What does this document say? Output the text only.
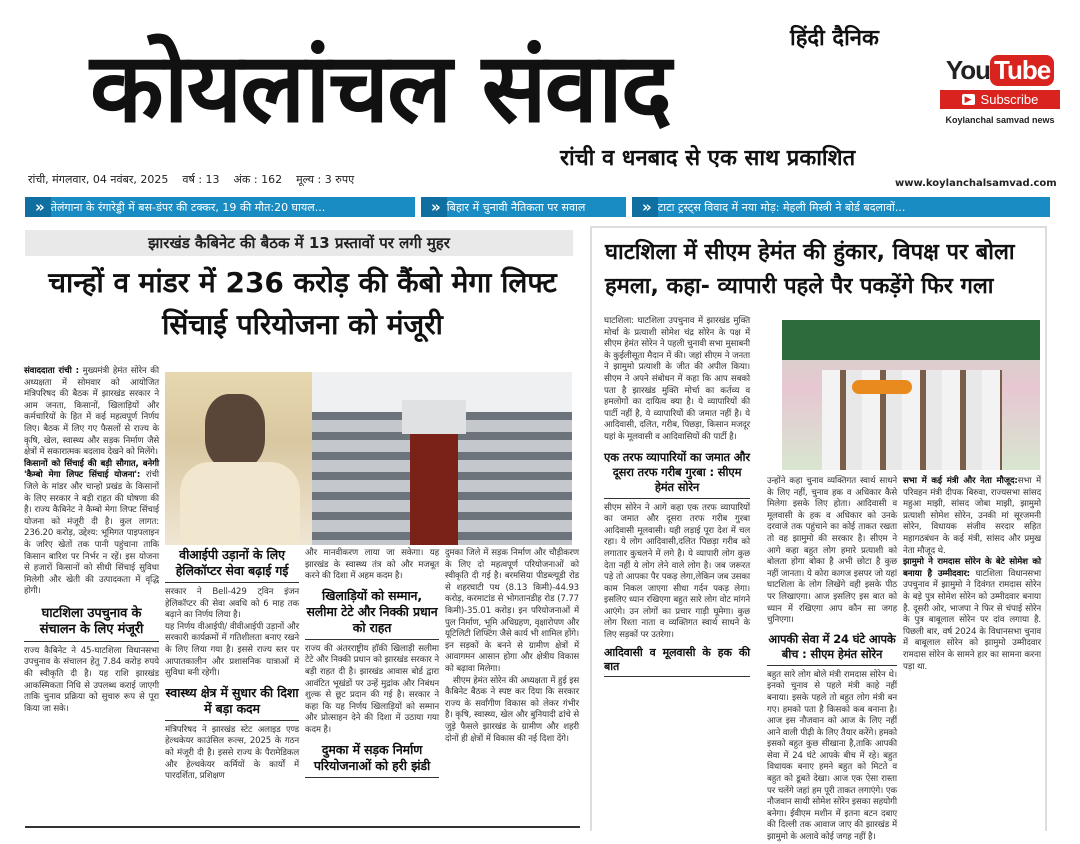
कोयलांचल संवाद	हिंदी दैनिक
रांची व धनबाद से एक साथ प्रकाशित
You Tube
▶ Subscribe
Koylanchal samvad news
रांची, मंगलवार, 04 नवंबर, 2025 वर्ष : 13 अंक : 162 मूल्य : 3 रुपए	www.koylanchalsamvad.com
» तेलंगाना के रंगारेड्डी में बस-डंपर की टक्कर, 19 की मौत:20 घायल...	» बिहार में चुनावी नैतिकता पर सवाल	» टाटा ट्रस्ट्स विवाद में नया मोड़: मेहली मिस्त्री ने बोर्ड बदलावों...
झारखंड कैबिनेट की बैठक में 13 प्रस्तावों पर लगी मुहर
चान्हों व मांडर में 236 करोड़ की कैंबो मेगा लिफ्ट सिंचाई परियोजना को मंजूरी

संवाददाता रांची : मुख्यमंत्री हेमंत सोरेन की अध्यक्षता में सोमवार को आयोजित मंत्रिपरिषद की बैठक में झारखंड सरकार ने आम जनता, किसानों, खिलाड़ियों और कर्मचारियों के हित में कई महत्वपूर्ण निर्णय लिए। बैठक में लिए गए फैसलों से राज्य के कृषि, खेल, स्वास्थ्य और सड़क निर्माण जैसे क्षेत्रों में सकारात्मक बदलाव देखने को मिलेंगे।

किसानों को सिंचाई की बड़ी सौगात, बनेगी 'कैम्बो मेगा लिफ्ट सिंचाई योजना': रांची जिले के मांडर और चान्हो प्रखंड के किसानों के लिए सरकार ने बड़ी राहत की घोषणा की है। राज्य कैबिनेट ने कैम्बो मेगा लिफ्ट सिंचाई योजना को मंजूरी दी है। कुल लागत: 236.20 करोड़, उद्देश्य: भूमिगत पाइपलाइन के जरिए खेतों तक पानी पहुंचाना ताकि किसान बारिश पर निर्भर न रहें। इस योजना से हजारों किसानों को सीधी सिंचाई सुविधा मिलेगी और खेती की उत्पादकता में वृद्धि होगी।

घाटशिला उपचुनाव के संचालन के लिए मंजूरी

राज्य कैबिनेट ने 45-घाटशिला विधानसभा उपचुनाव के संचालन हेतु 7.84 करोड़ रुपये की स्वीकृति दी है। यह राशि झारखंड आकस्मिकता निधि से उपलब्ध कराई जाएगी ताकि चुनाव प्रक्रिया को सुचारु रूप से पूरा किया जा सके।

वीआईपी उड़ानों के लिए हेलिकॉप्टर सेवा बढ़ाई गई

सरकार ने Bell-429 ट्विन इंजन हेलिकॉप्टर की सेवा अवधि को 6 माह तक बढ़ाने का निर्णय लिया है।

यह निर्णय वीआईपी/ वीवीआईपी उड़ानों और सरकारी कार्यक्रमों में गतिशीलता बनाए रखने के लिए लिया गया है। इससे राज्य स्तर पर आपातकालीन और प्रशासनिक यात्राओं में सुविधा बनी रहेगी।

स्वास्थ्य क्षेत्र में सुधार की दिशा में बड़ा कदम

मंत्रिपरिषद ने झारखंड स्टेट अलाइड एण्ड हेल्थकेयर काउंसिल रूल्स, 2025 के गठन को मंजूरी दी है। इससे राज्य के पैरामेडिकल और हेल्थकेयर कर्मियों के कार्यों में पारदर्शिता, प्रशिक्षण

और मानवीकरण लाया जा सकेगा। यह झारखंड के स्वास्थ्य तंत्र को और मजबूत करने की दिशा में अहम कदम है।

खिलाड़ियों को सम्मान, सलीमा टेटे और निक्की प्रधान को राहत

राज्य की अंतरराष्ट्रीय हॉकी खिलाड़ी सलीमा टेटे और निक्की प्रधान को झारखंड सरकार ने बड़ी राहत दी है। झारखंड आवास बोर्ड द्वारा आवंटित भूखंडों पर उन्हें मुद्रांक और निबंधन शुल्क से छूट प्रदान की गई है। सरकार ने कहा कि यह निर्णय खिलाड़ियों को सम्मान और प्रोत्साहन देने की दिशा में उठाया गया कदम है।

दुमका में सड़क निर्माण परियोजनाओं को हरी झंडी

दुमका जिले में सड़क निर्माण और चौड़ीकरण के लिए दो महत्वपूर्ण परियोजनाओं को स्वीकृति दी गई है। बरमसिया पीडब्ल्यूडी रोड से शहरघाटी पथ (8.13 किमी)-44.93 करोड़, करमाटांड से भोगतानडीह रोड (7.77 किमी)-35.01 करोड़। इन परियोजनाओं में पुल निर्माण, भूमि अधिग्रहण, वृक्षारोपण और यूटिलिटी शिफ्टिंग जैसे कार्य भी शामिल होंगे। इन सड़कों के बनने से ग्रामीण क्षेत्रों में आवागमन आसान होगा और क्षेत्रीय विकास को बढ़ावा मिलेगा।

सीएम हेमंत सोरेन की अध्यक्षता में हुई इस कैबिनेट बैठक ने स्पष्ट कर दिया कि सरकार राज्य के सर्वांगीण विकास को लेकर गंभीर है। कृषि, स्वास्थ्य, खेल और बुनियादी ढांचे से जुड़े फैसले झारखंड के ग्रामीण और शहरी दोनों ही क्षेत्रों में विकास की नई दिशा देंगे।

घाटशिला में सीएम हेमंत की हुंकार, विपक्ष पर बोला हमला, कहा- व्यापारी पहले पैर पकड़ेंगे फिर गला

घाटशिला: घाटशिला उपचुनाव में झारखंड मुक्ति मोर्चा के प्रत्याशी सोमेश चंद्र सोरेन के पक्ष में सीएम हेमंत सोरेन ने पहली चुनावी सभा मुसाबनी के कुईलीसूता मैदान में की। जहां सीएम ने जनता ने झामुमो प्रत्याशी के जीत की अपील किया। सीएम ने अपने संबोधन में कहा कि आप सबको पता है झारखंड मुक्ति मोर्चा का कर्तव्य व हमलोगों का दायित्व क्या है। ये व्यापारियों की पार्टी नहीं है, ये व्यापारियों की जमात नहीं है। ये आदिवासी, दलित, गरीब, पिछड़ा, किसान मजदूर यहां के मूलवासी व आदिवासियों की पार्टी है।

एक तरफ व्यापारियों का जमात और दूसरा तरफ गरीब गुरबा : सीएम हेमंत सोरेन

सीएम सोरेन ने आगे कहा एक तरफ व्यापारियों का जमात और दूसरा तरफ गरीब गुरबा आदिवासी मूलवासी। यही लड़ाई पूरा देश में चल रहा। ये लोग आदिवासी,दलित पिछड़ा गरीब को लगातार कुचलने में लगे है। ये व्यापारी लोग कुछ देता नहीं ये लोग लेने वाले लोग है। जब जरूरत पड़े तो आपका पैर पकड़ लेगा,लेकिन जब उसका काम निकल जाएगा सीधा गर्दन पकड़ लेगा। इसलिए ध्यान रखिएगा बहुत सारे लोग वोट मांगने आएंगे। उन लोगों का प्रचार गाड़ी घूमेगा। कुछ लोग रिश्ता नाता व व्यक्तिगत स्वार्थ साधने के लिए सड़कों पर उतरेगा।

आदिवासी व मूलवासी के हक की बात

उन्होंने कहा चुनाव व्यक्तिगत स्वार्थ साधने के लिए नहीं, चुनाव हक व अधिकार कैसे मिलेगा इसके लिए होता। आदिवासी व मूलवासी के हक व अधिकार को उनके दरवाजे तक पहुंचाने का कोई ताकत रखता तो वह झामुमो की सरकार है। सीएम ने आगे कहा बहुत लोग हमारे प्रत्याशी को बोलता होगा बोका है अभी छोटा है कुछ नहीं जानता। ये कोरा कागज इसपर जो यहां घाटशिला के लोग लिखेंगे वही इसके पीठ पर लिखाएगा। आज इसलिए इस बात को ध्यान में रखिएगा आप कौन सा जगह चुनिएगा।

आपकी सेवा में 24 घंटे आपके बीच : सीएम हेमंत सोरेन

बहुत सारे लोग बोले मंत्री रामदास सोरेन थे। इनको चुनाव से पहले मंत्री काहे नहीं बनाया। इसके पहले तो बहुत लोग मंत्री बन गए। हमको पता है किसको कब बनाना है। आज इस नौजवान को आज के लिए नहीं आने वाली पीढ़ी के लिए तैयार करेंगे। हमको इसको बहुत कुछ सीखाना है,ताकि आपकी सेवा में 24 घंटे आपके बीच में रहे। बहुत विधायक बनाए हमने बहुत को मिटते व बहुत को डूबते देखा। आज एक ऐसा रास्ता पर चलेंगे जहां हम पूरी ताकत लगाएंगे। एक नौजवान साथी सोमेश सोरेन इसका सहयोगी बनेगा। ईवीएम मशीन में इतना बटन दबाए की दिल्ली तक आवाज जाए की झारखंड में झामुमो के अलावे कोई जगह नहीं है।

सभा में कई मंत्री और नेता मौजूद:सभा में परिवहन मंत्री दीपक बिरुवा, राज्यसभा सांसद महुआ माझी, सांसद जोबा माझी, झामुमो प्रत्याशी सोमेश सोरेन, उनकी मां सूरजमनी सोरेन, विधायक संजीव सरदार सहित महागठबंधन के कई मंत्री, सांसद और प्रमुख नेता मौजूद थे.

झामुमो ने रामदास सोरेन के बेटे सोमेश को बनाया है उम्मीदवार: घाटशिला विधानसभा उपचुनाव में झामुमो ने दिवंगत रामदास सोरेन के बड़े पुत्र सोमेश सोरेन को उम्मीदवार बनाया है. दूसरी ओर, भाजपा ने फिर से चंपाई सोरेन के पुत्र बाबूलाल सोरेन पर दांव लगाया है. पिछली बार, वर्ष 2024 के विधानसभा चुनाव में बाबूलाल सोरेन को झामुमो उम्मीदवार रामदास सोरेन के सामने हार का सामना करना पड़ा था.
